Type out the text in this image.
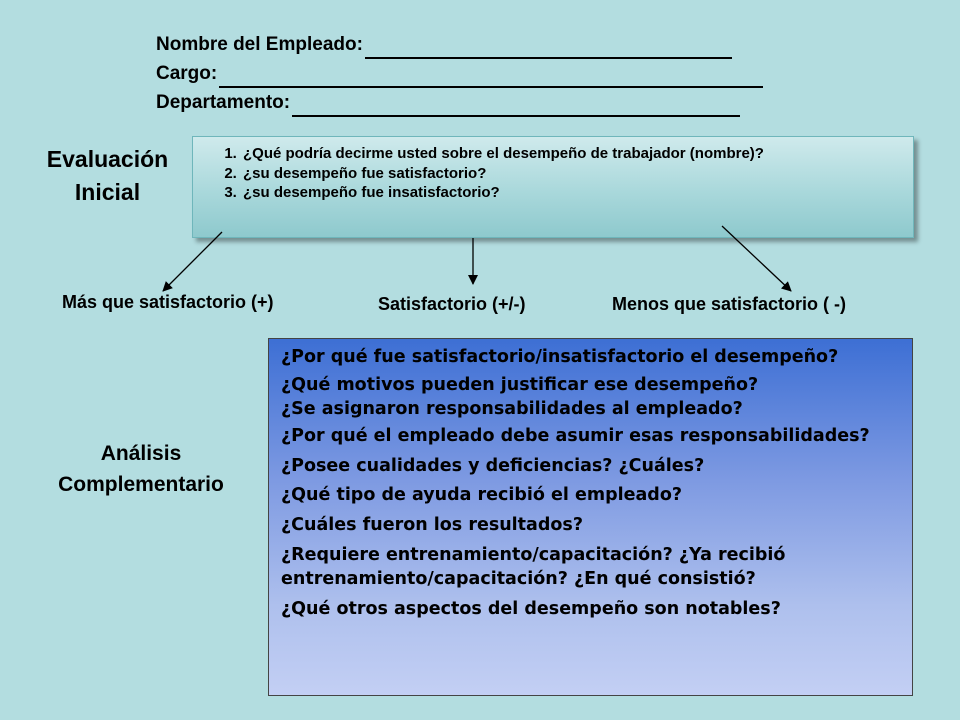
Nombre del Empleado:
Cargo:
Departamento:
Evaluación
Inicial
1. ¿Qué podría decirme usted sobre el desempeño de trabajador (nombre)?
2. ¿su desempeño fue satisfactorio?
3. ¿su desempeño fue insatisfactorio?
Más que satisfactorio (+)	Satisfactorio (+/-)	Menos que satisfactorio ( -)
Análisis
Complementario
¿Por qué fue satisfactorio/insatisfactorio el desempeño?
¿Qué motivos pueden justificar ese desempeño?
¿Se asignaron responsabilidades al empleado?
¿Por qué el empleado debe asumir esas responsabilidades?
¿Posee cualidades y deficiencias? ¿Cuáles?
¿Qué tipo de ayuda recibió el empleado?
¿Cuáles fueron los resultados?
¿Requiere entrenamiento/capacitación? ¿Ya recibió entrenamiento/capacitación? ¿En qué consistió?
¿Qué otros aspectos del desempeño son notables?
